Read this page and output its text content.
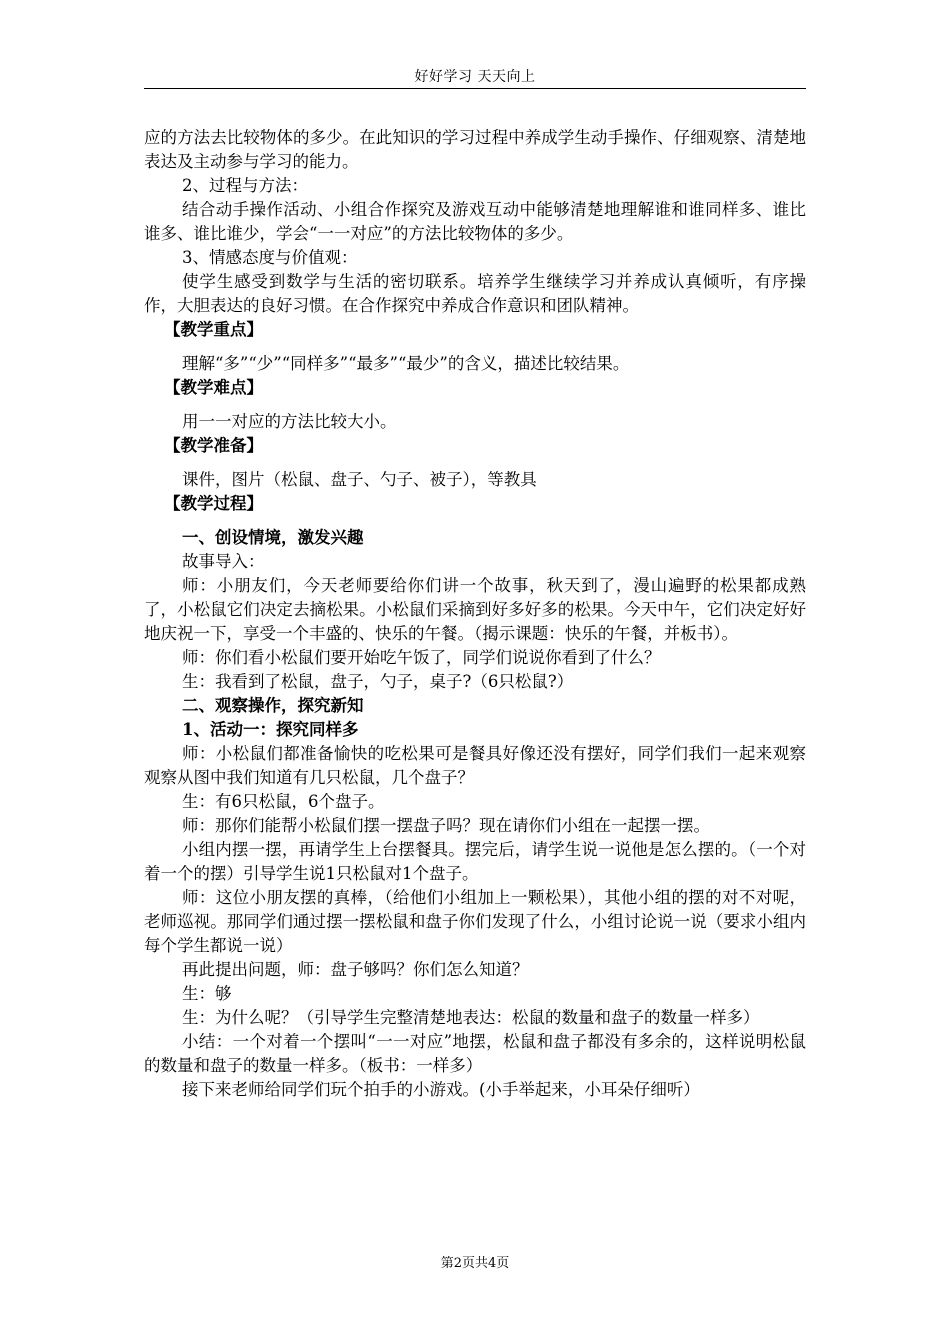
好好学习 天天向上

应的方法去比较物体的多少。在此知识的学习过程中养成学生动手操作、仔细观察、清楚地表达及主动参与学习的能力。

2、过程与方法：

结合动手操作活动、小组合作探究及游戏互动中能够清楚地理解谁和谁同样多、谁比谁多、谁比谁少，学会“一一对应”的方法比较物体的多少。

3、情感态度与价值观：

使学生感受到数学与生活的密切联系。培养学生继续学习并养成认真倾听，有序操作，大胆表达的良好习惯。在合作探究中养成合作意识和团队精神。

【教学重点】

理解“多”“少”“同样多”“最多”“最少”的含义，描述比较结果。

【教学难点】

用一一对应的方法比较大小。

【教学准备】

课件，图片（松鼠、盘子、勺子、被子），等教具

【教学过程】

一、创设情境，激发兴趣

故事导入：

师：小朋友们，今天老师要给你们讲一个故事，秋天到了，漫山遍野的松果都成熟了，小松鼠它们决定去摘松果。小松鼠们采摘到好多好多的松果。今天中午，它们决定好好地庆祝一下，享受一个丰盛的、快乐的午餐。（揭示课题：快乐的午餐，并板书）。

师：你们看小松鼠们要开始吃午饭了，同学们说说你看到了什么？

生：我看到了松鼠，盘子，勺子，桌子?（6只松鼠?）

二、观察操作，探究新知

1、活动一：探究同样多

师：小松鼠们都准备愉快的吃松果可是餐具好像还没有摆好，同学们我们一起来观察观察从图中我们知道有几只松鼠，几个盘子？

生：有6只松鼠，6个盘子。

师：那你们能帮小松鼠们摆一摆盘子吗？现在请你们小组在一起摆一摆。

小组内摆一摆，再请学生上台摆餐具。摆完后，请学生说一说他是怎么摆的。（一个对着一个的摆）引导学生说1只松鼠对1个盘子。

师：这位小朋友摆的真棒，（给他们小组加上一颗松果），其他小组的摆的对不对呢，老师巡视。那同学们通过摆一摆松鼠和盘子你们发现了什么，小组讨论说一说（要求小组内每个学生都说一说）

再此提出问题，师：盘子够吗？你们怎么知道？

生：够

生：为什么呢？（引导学生完整清楚地表达：松鼠的数量和盘子的数量一样多）

小结：一个对着一个摆叫“一一对应”地摆，松鼠和盘子都没有多余的，这样说明松鼠的数量和盘子的数量一样多。（板书：一样多）

接下来老师给同学们玩个拍手的小游戏。(小手举起来，小耳朵仔细听）

第2页共4页
